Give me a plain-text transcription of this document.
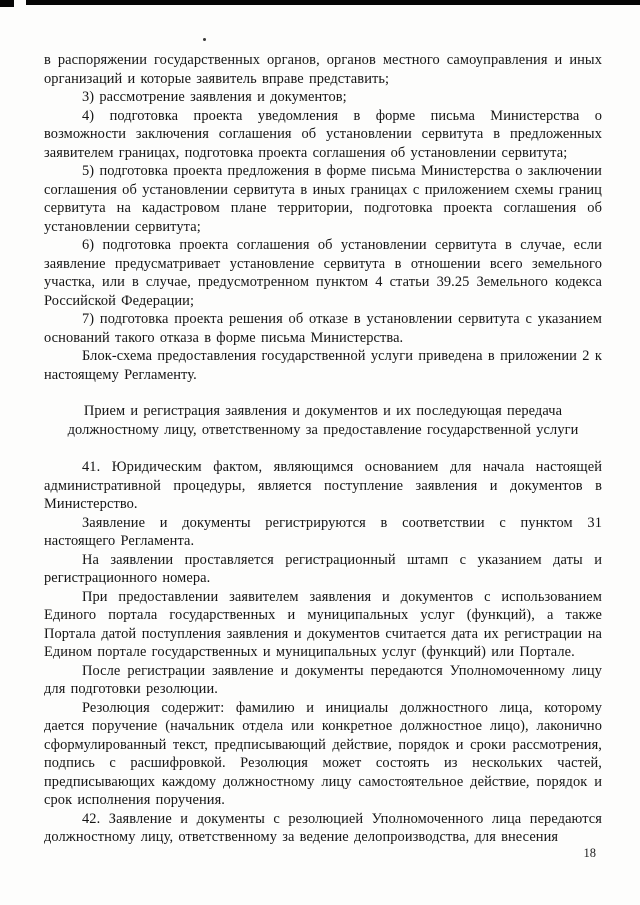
в распоряжении государственных органов, органов местного самоуправления и иных организаций и которые заявитель вправе представить;

3) рассмотрение заявления и документов;

4) подготовка проекта уведомления в форме письма Министерства о возможности заключения соглашения об установлении сервитута в предложенных заявителем границах, подготовка проекта соглашения об установлении сервитута;

5) подготовка проекта предложения в форме письма Министерства о заключении соглашения об установлении сервитута в иных границах с приложением схемы границ сервитута на кадастровом плане территории, подготовка проекта соглашения об установлении сервитута;

6) подготовка проекта соглашения об установлении сервитута в случае, если заявление предусматривает установление сервитута в отношении всего земельного участка, или в случае, предусмотренном пунктом 4 статьи 39.25 Земельного кодекса Российской Федерации;

7) подготовка проекта решения об отказе в установлении сервитута с указанием оснований такого отказа в форме письма Министерства.

Блок-схема предоставления государственной услуги приведена в приложении 2 к настоящему Регламенту.

Прием и регистрация заявления и документов и их последующая передача должностному лицу, ответственному за предоставление государственной услуги

41. Юридическим фактом, являющимся основанием для начала настоящей административной процедуры, является поступление заявления и документов в Министерство.

Заявление и документы регистрируются в соответствии с пунктом 31 настоящего Регламента.

На заявлении проставляется регистрационный штамп с указанием даты и регистрационного номера.

При предоставлении заявителем заявления и документов с использованием Единого портала государственных и муниципальных услуг (функций), а также Портала датой поступления заявления и документов считается дата их регистрации на Едином портале государственных и муниципальных услуг (функций) или Портале.

После регистрации заявление и документы передаются Уполномоченному лицу для подготовки резолюции.

Резолюция содержит: фамилию и инициалы должностного лица, которому дается поручение (начальник отдела или конкретное должностное лицо), лаконично сформулированный текст, предписывающий действие, порядок и сроки рассмотрения, подпись с расшифровкой. Резолюция может состоять из нескольких частей, предписывающих каждому должностному лицу самостоятельное действие, порядок и срок исполнения поручения.

42. Заявление и документы с резолюцией Уполномоченного лица передаются должностному лицу, ответственному за ведение делопроизводства, для внесения

18
